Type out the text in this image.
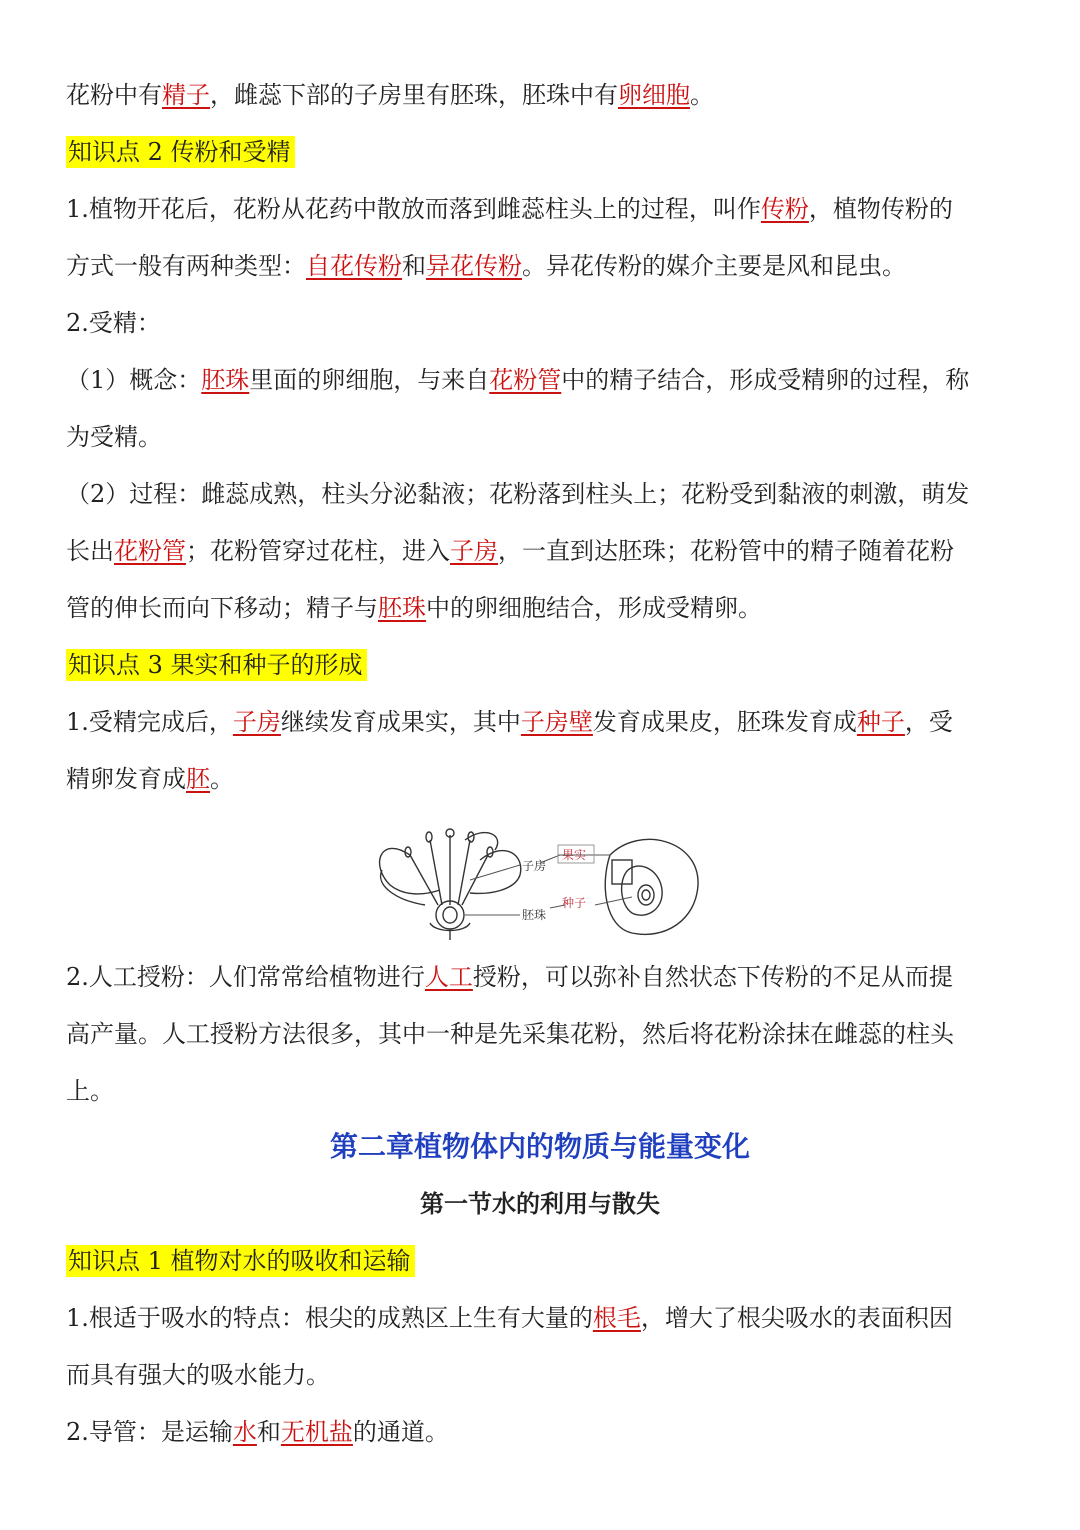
花粉中有精子，雌蕊下部的子房里有胚珠，胚珠中有卵细胞。
知识点 2 传粉和受精
1.植物开花后，花粉从花药中散放而落到雌蕊柱头上的过程，叫作传粉，植物传粉的
方式一般有两种类型：自花传粉和异花传粉。异花传粉的媒介主要是风和昆虫。
2.受精：
（1）概念：胚珠里面的卵细胞，与来自花粉管中的精子结合，形成受精卵的过程，称
为受精。
（2）过程：雌蕊成熟，柱头分泌黏液；花粉落到柱头上；花粉受到黏液的刺激，萌发
长出花粉管；花粉管穿过花柱，进入子房，一直到达胚珠；花粉管中的精子随着花粉
管的伸长而向下移动；精子与胚珠中的卵细胞结合，形成受精卵。
知识点 3 果实和种子的形成
1.受精完成后，子房继续发育成果实，其中子房壁发育成果皮，胚珠发育成种子，受
精卵发育成胚。
子房
胚珠
果实
种子
2.人工授粉：人们常常给植物进行人工授粉，可以弥补自然状态下传粉的不足从而提
高产量。人工授粉方法很多，其中一种是先采集花粉，然后将花粉涂抹在雌蕊的柱头
上。
第二章植物体内的物质与能量变化
第一节水的利用与散失
知识点 1 植物对水的吸收和运输
1.根适于吸水的特点：根尖的成熟区上生有大量的根毛，增大了根尖吸水的表面积因
而具有强大的吸水能力。
2.导管：是运输水和无机盐的通道。
